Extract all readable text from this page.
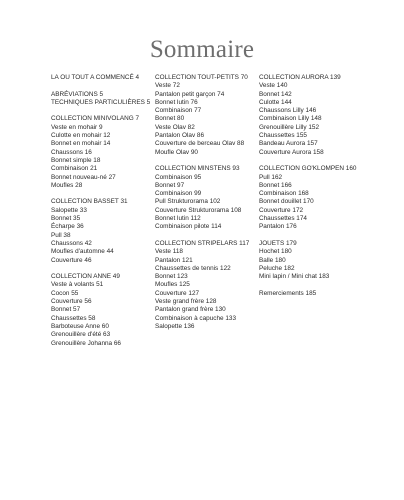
Sommaire
LA OU TOUT A COMMENCÉ 4
ABRÉVIATIONS 5
TECHNIQUES PARTICULIÈRES 5
COLLECTION MINIVOLANG 7
Veste en mohair 9
Culotte en mohair 12
Bonnet en mohair 14
Chaussons 16
Bonnet simple 18
Combinaison 21
Bonnet nouveau-né 27
Moufles 28
COLLECTION BASSET 31
Salopette 33
Bonnet 35
Écharpe 36
Pull 38
Chaussons 42
Moufles d'automne 44
Couverture 46
COLLECTION ANNE 49
Veste à volants 51
Cocon 55
Couverture 56
Bonnet 57
Chaussettes 58
Barboteuse Anne 60
Grenouillère d'été 63
Grenouillère Johanna 66
COLLECTION TOUT-PETITS 70
Veste 72
Pantalon petit garçon 74
Bonnet lutin 76
Combinaison 77
Bonnet 80
Veste Olav 82
Pantalon Olav 86
Couverture de berceau Olav 88
Moufle Olav 90
COLLECTION MINSTENS 93
Combinaison 95
Bonnet 97
Combinaison 99
Pull Strukturorama 102
Couverture Strukturorama 108
Bonnet lutin 112
Combinaison pilote 114
COLLECTION STRIPELARS 117
Veste 118
Pantalon 121
Chaussettes de tennis 122
Bonnet 123
Moufles 125
Couverture 127
Veste grand frère 128
Pantalon grand frère 130
Combinaison à capuche 133
Salopette 136
COLLECTION AURORA 139
Veste 140
Bonnet 142
Culotte 144
Chaussons Lilly 146
Combinaison Lilly 148
Grenouillère Lilly 152
Chaussettes 155
Bandeau Aurora 157
Couverture Aurora 158
COLLECTION GO'KLOMPEN 160
Pull 162
Bonnet 166
Combinaison 168
Bonnet douillet 170
Couverture 172
Chaussettes 174
Pantalon 176
JOUETS 179
Hochet 180
Balle 180
Peluche 182
Mini lapin / Mini chat 183
Remerciements 185
